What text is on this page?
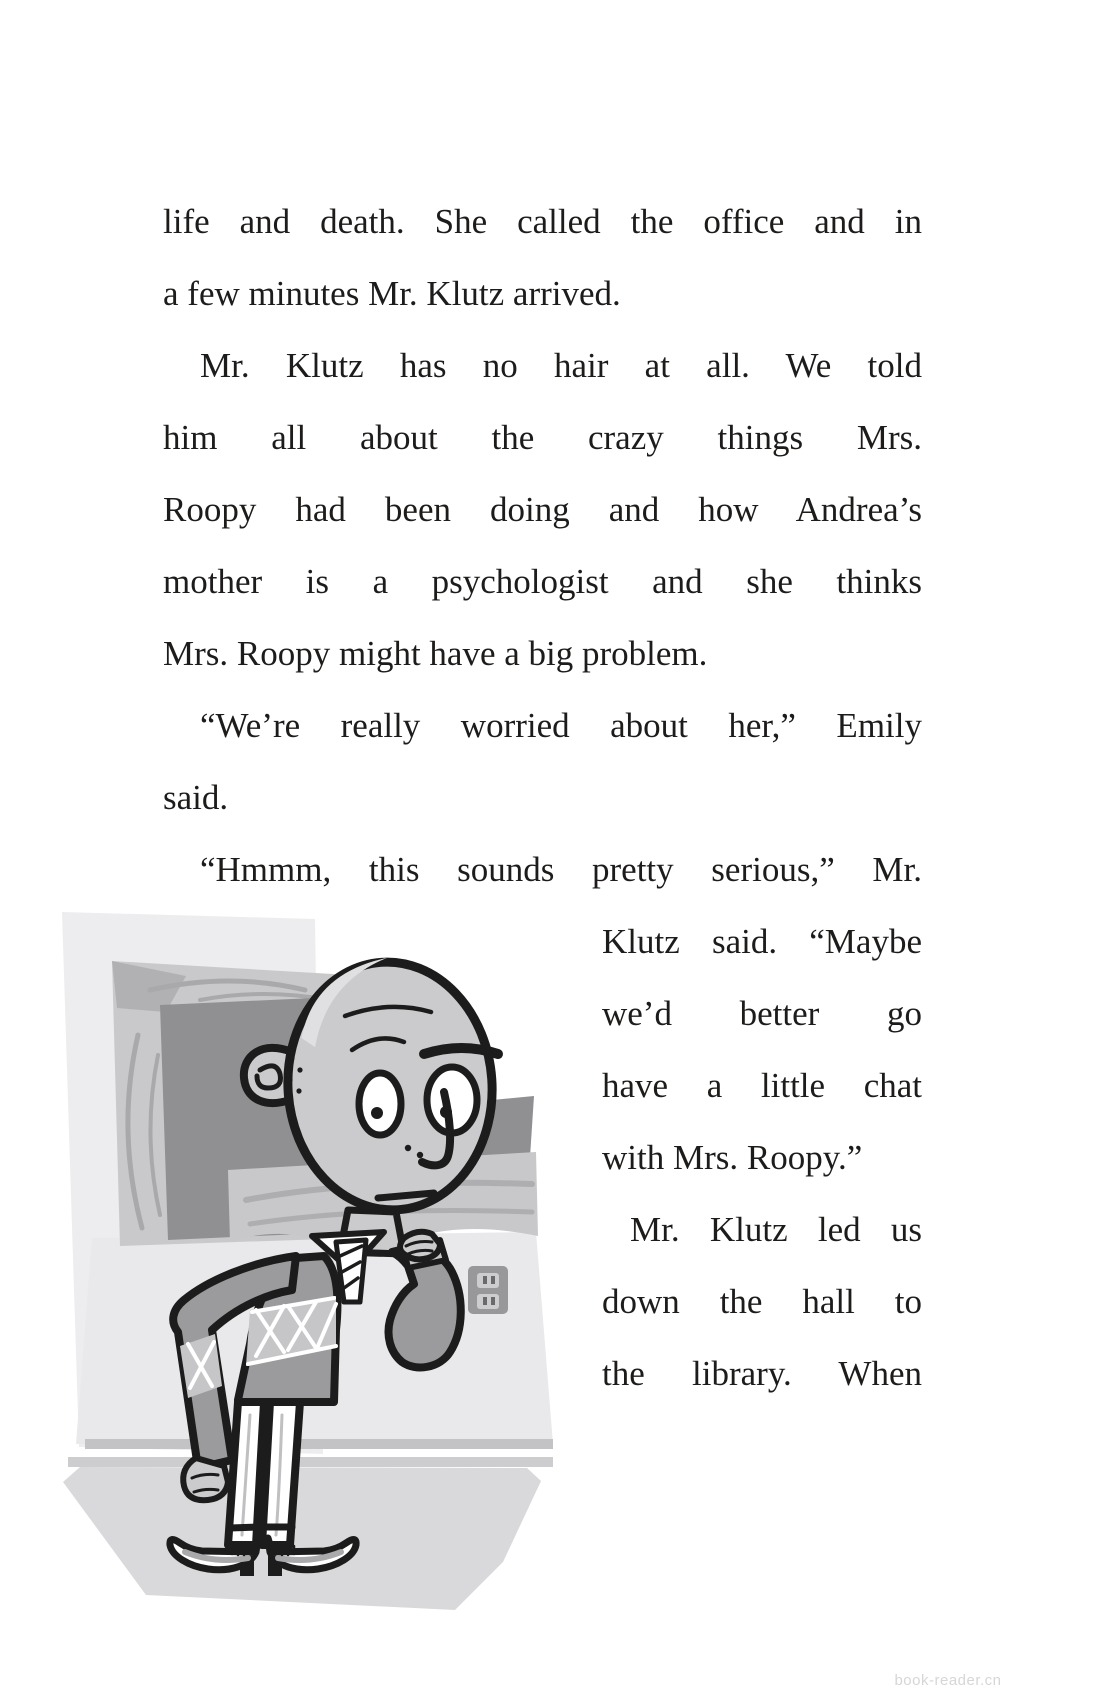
life and death. She called the office and in
a few minutes Mr. Klutz arrived.
Mr. Klutz has no hair at all. We told
him all about the crazy things Mrs.
Roopy had been doing and how Andrea’s
mother is a psychologist and she thinks
Mrs. Roopy might have a big problem.
“We’re really worried about her,” Emily
said.
“Hmmm, this sounds pretty serious,” Mr.
Klutz said. “Maybe
we’d better go
have a little chat
with Mrs. Roopy.”
Mr. Klutz led us
down the hall to
the library. When
book-reader.cn
